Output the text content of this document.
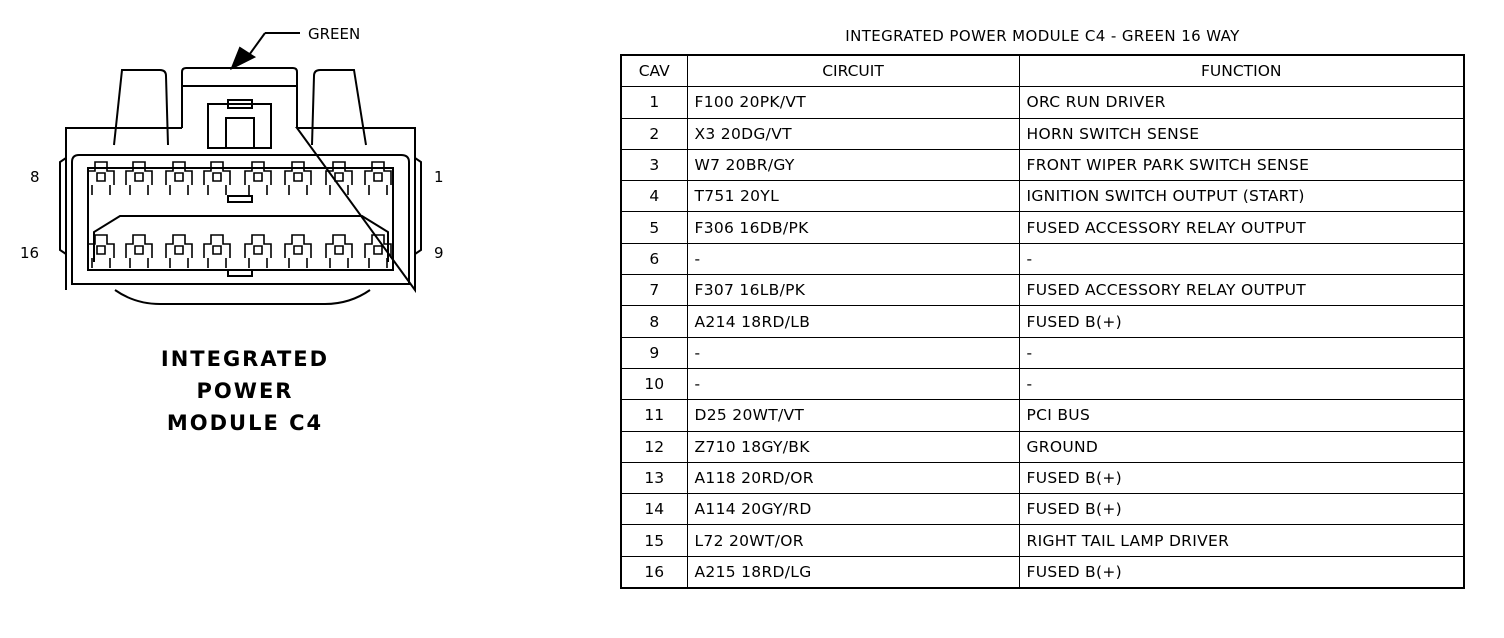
GREEN
8	1
16	9
INTEGRATED
POWER
MODULE C4
INTEGRATED POWER MODULE C4 - GREEN 16 WAY
CAV	CIRCUIT	FUNCTION
1	F100 20PK/VT	ORC RUN DRIVER
2	X3 20DG/VT	HORN SWITCH SENSE
3	W7 20BR/GY	FRONT WIPER PARK SWITCH SENSE
4	T751 20YL	IGNITION SWITCH OUTPUT (START)
5	F306 16DB/PK	FUSED ACCESSORY RELAY OUTPUT
6	-	-
7	F307 16LB/PK	FUSED ACCESSORY RELAY OUTPUT
8	A214 18RD/LB	FUSED B(+)
9	-	-
10	-	-
11	D25 20WT/VT	PCI BUS
12	Z710 18GY/BK	GROUND
13	A118 20RD/OR	FUSED B(+)
14	A114 20GY/RD	FUSED B(+)
15	L72 20WT/OR	RIGHT TAIL LAMP DRIVER
16	A215 18RD/LG	FUSED B(+)
